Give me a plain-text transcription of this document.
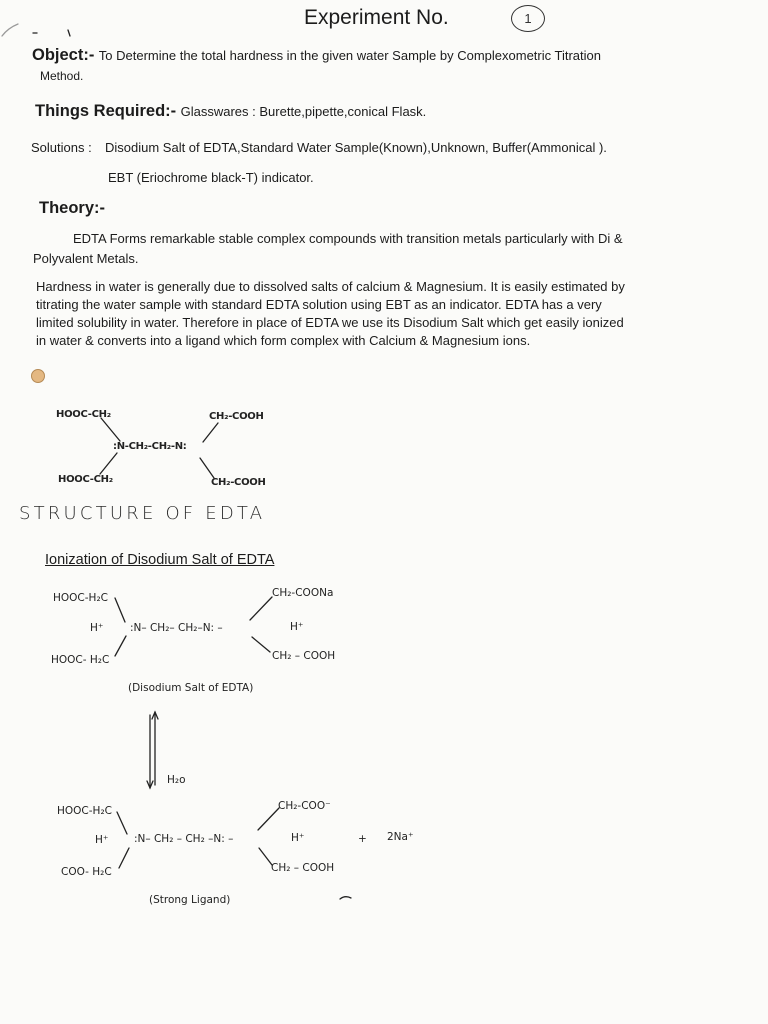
Experiment No.	1
Object:- To Determine the total hardness in the given water Sample by Complexometric Titration
Method.
Things Required:- Glasswares : Burette,pipette,conical Flask.
Solutions : Disodium Salt of EDTA,Standard Water Sample(Known),Unknown, Buffer(Ammonical ).
EBT (Eriochrome black-T) indicator.
Theory:-
EDTA Forms remarkable stable complex compounds with transition metals particularly with Di &
Polyvalent Metals.
Hardness in water is generally due to dissolved salts of calcium & Magnesium. It is easily estimated by
titrating the water sample with standard EDTA solution using EBT as an indicator. EDTA has a very
limited solubility in water. Therefore in place of EDTA we use its Disodium Salt which get easily ionized
in water & converts into a ligand which form complex with Calcium & Magnesium ions.
HOOC-CH₂	CH₂-COOH
:N-CH₂-CH₂-N:
HOOC-CH₂	CH₂-COOH
STRUCTURE OF EDTA
Ionization of Disodium Salt of EDTA
HOOC-H₂C	CH₂-COONa
H⁺	:N– CH₂– CH₂–N: –	H⁺
HOOC- H₂C	CH₂ – COOH
(Disodium Salt of EDTA)
H₂o
HOOC-H₂C	CH₂-COO⁻
H⁺ :N– CH₂ – CH₂ –N: –	H⁺	+ 2Na⁺
COO- H₂C	CH₂ – COOH
(Strong Ligand)
